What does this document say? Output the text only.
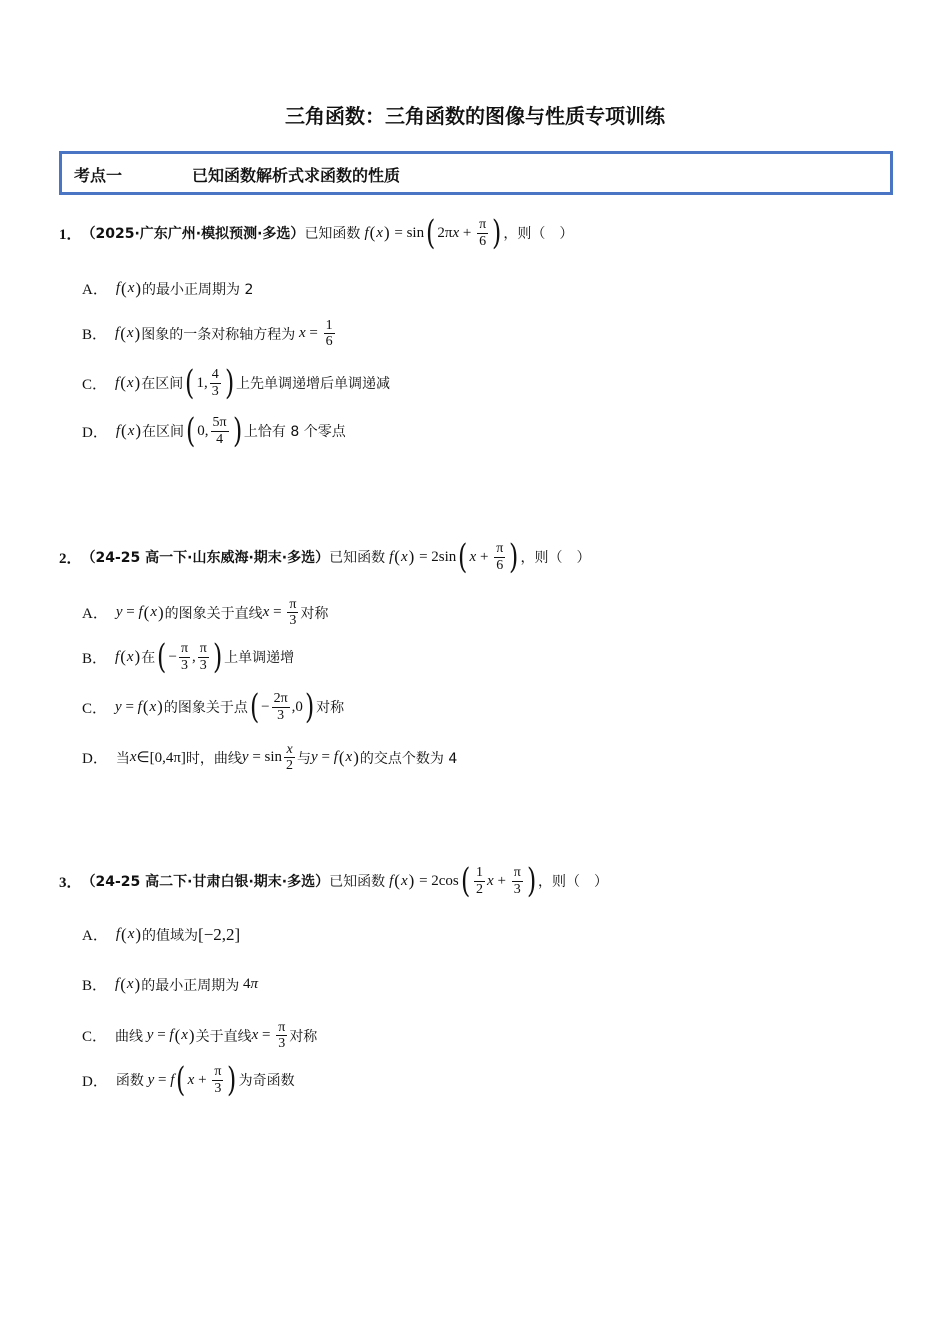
三角函数：三角函数的图像与性质专项训练
考点一	已知函数解析式求函数的性质
1． （2025·广东广州·模拟预测·多选） 已知函数 f ( x ) = sin ( 2π $x + \frac{\pi}{6}$ ) ，则（　）
A． f ( x ) 的最小正周期为 2
B． f ( x ) 图象的一条对称轴方程为 $x = \frac{1}{6}$
C． f ( x ) 在区间 ( 1, $\frac{4}{3}$ ) 上先单调递增后单调递减
D． f ( x ) 在区间 ( 0, $\frac{5\pi}{4}$ ) 上恰有 8 个零点
2． （24-25 高一下·山东威海·期末·多选） 已知函数 f ( x ) = 2sin ( $x + \frac{\pi}{6}$ ) ，则（　）
A． y = f ( x ) 的图象关于直线 $x = \frac{\pi}{3}$ 对称
B． f ( x ) 在 ( − $\frac{\pi}{3}$ , $\frac{\pi}{3}$ ) 上单调递增
C． y = f ( x ) 的图象关于点 ( − $\frac{2\pi}{3} ,0$ ) 对称
D． 当 x ∈[0,4π] 时，曲线 $y = \sin \frac{x}{2}$ 与 y = f ( x ) 的交点个数为 4
3． （24-25 高二下·甘肃白银·期末·多选） 已知函数 f ( x ) = 2cos ( $\frac{1}{2}$ $x + \frac{\pi}{3}$ ) ，则（　）
A． f ( x ) 的值域为 [−2,2]
B． f ( x ) 的最小正周期为 4 π
C． 曲线 y = f ( x ) 关于直线 $x = \frac{\pi}{3}$ 对称
D． 函数 y = f ( $x + \frac{\pi}{3}$ ) 为奇函数
